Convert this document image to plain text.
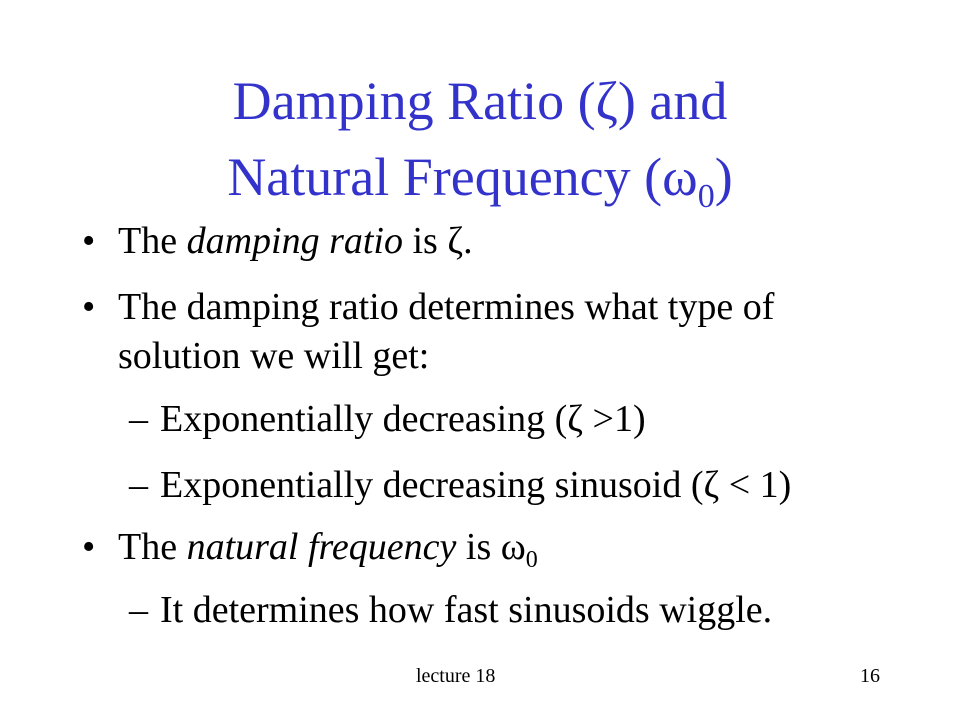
Damping Ratio (ζ) and
Natural Frequency $(\omega_0)$
• The damping ratio is ζ.
• The damping ratio determines what type of
solution we will get:
– Exponentially decreasing (ζ >1)
– Exponentially decreasing sinusoid (ζ < 1)
• The natural frequency is $\omega_0$
– It determines how fast sinusoids wiggle.
lecture 18	16
